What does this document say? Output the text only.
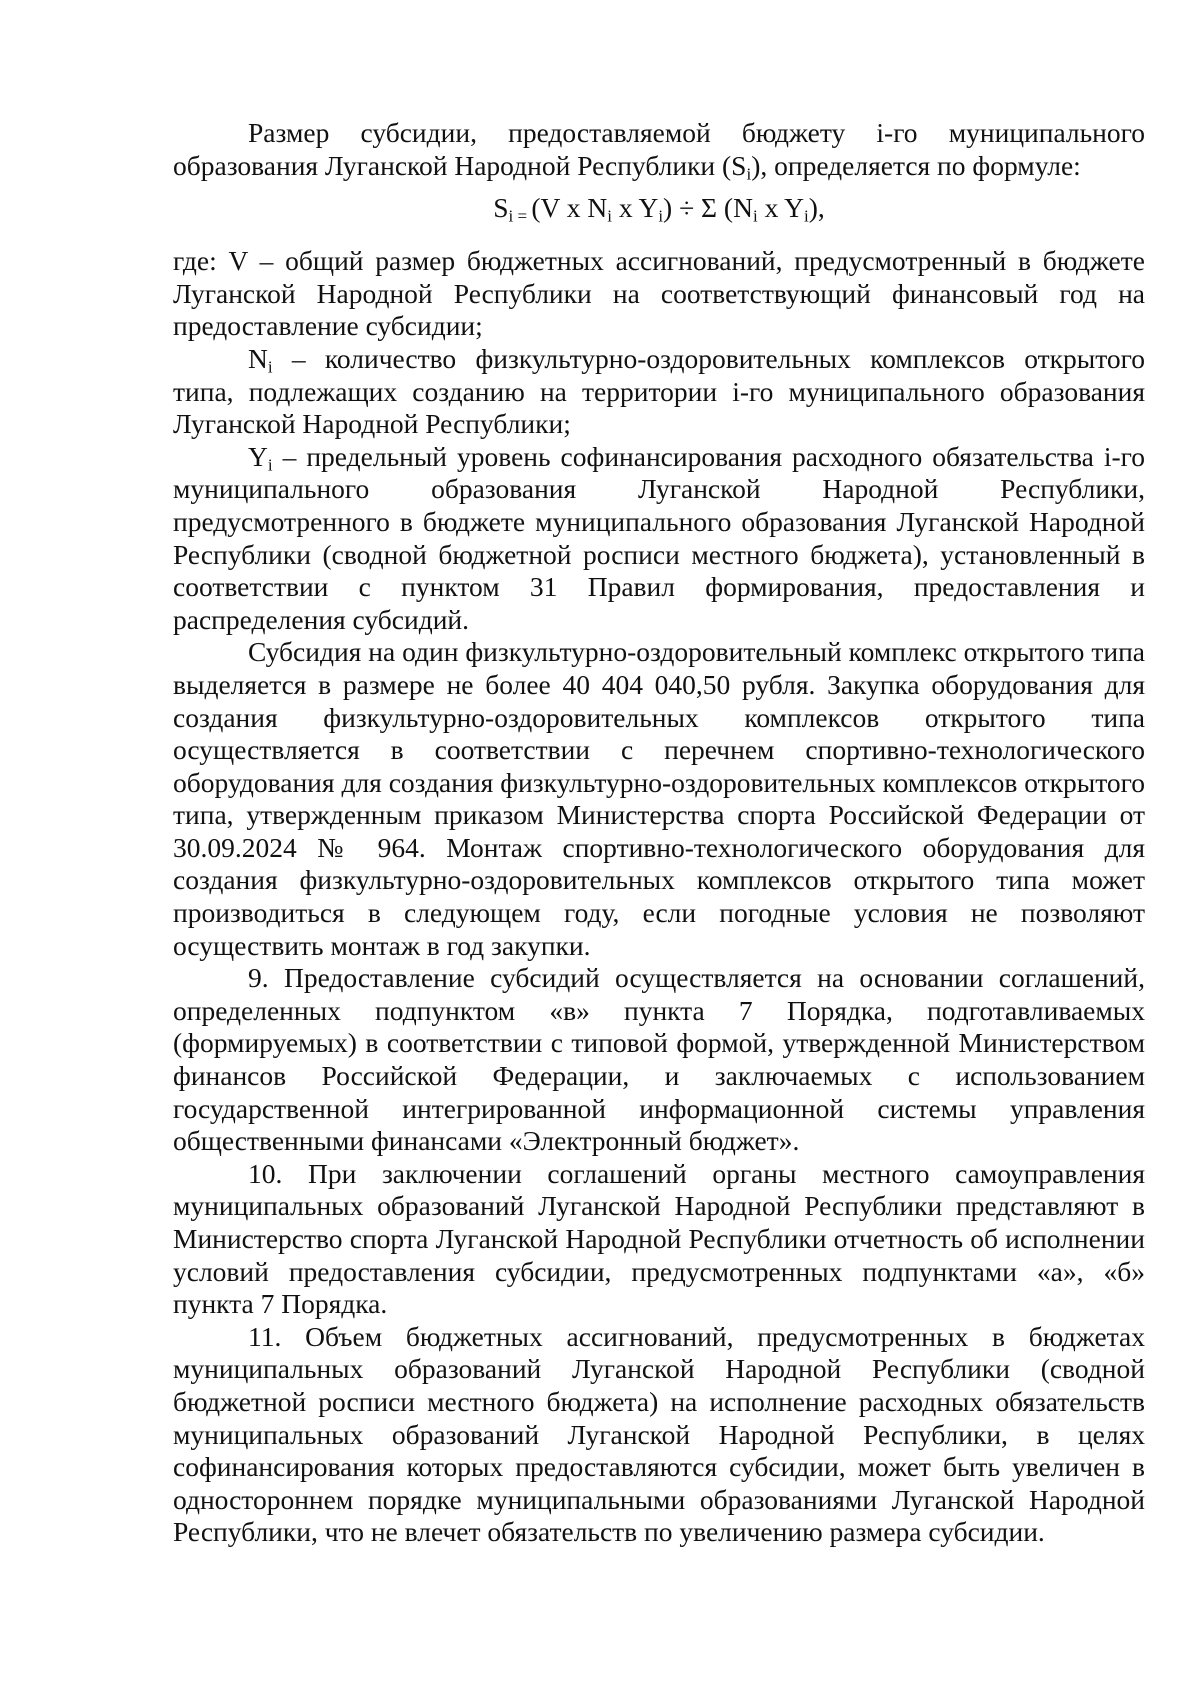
Размер субсидии, предоставляемой бюджету i-го муниципального образования Луганской Народной Республики $(S_i)$, определяется по формуле:

$S_i$ $_=$ (V x $N_i$ x $Y_i) \div \Sigma$ ($N_i$ x $Y_i$),

где: V – общий размер бюджетных ассигнований, предусмотренный в бюджете Луганской Народной Республики на соответствующий финансовый год на предоставление субсидии;

$N_i$ – количество физкультурно-оздоровительных комплексов открытого типа, подлежащих созданию на территории i-го муниципального образования Луганской Народной Республики;

$Y_i$ – предельный уровень софинансирования расходного обязательства i-го муниципального образования Луганской Народной Республики, предусмотренного в бюджете муниципального образования Луганской Народной Республики (сводной бюджетной росписи местного бюджета), установленный в соответствии с пунктом 31 Правил формирования, предоставления и распределения субсидий.

Субсидия на один физкультурно-оздоровительный комплекс открытого типа выделяется в размере не более 40 404 040,50 рубля. Закупка оборудования для создания физкультурно-оздоровительных комплексов открытого типа осуществляется в соответствии с перечнем спортивно-технологического оборудования для создания физкультурно-оздоровительных комплексов открытого типа, утвержденным приказом Министерства спорта Российской Федерации от 30.09.2024 № 964. Монтаж спортивно-технологического оборудования для создания физкультурно-оздоровительных комплексов открытого типа может производиться в следующем году, если погодные условия не позволяют осуществить монтаж в год закупки.

9. Предоставление субсидий осуществляется на основании соглашений, определенных подпунктом «в» пункта 7 Порядка, подготавливаемых (формируемых) в соответствии с типовой формой, утвержденной Министерством финансов Российской Федерации, и заключаемых с использованием государственной интегрированной информационной системы управления общественными финансами «Электронный бюджет».

10. При заключении соглашений органы местного самоуправления муниципальных образований Луганской Народной Республики представляют в Министерство спорта Луганской Народной Республики отчетность об исполнении условий предоставления субсидии, предусмотренных подпунктами «а», «б» пункта 7 Порядка.

11. Объем бюджетных ассигнований, предусмотренных в бюджетах муниципальных образований Луганской Народной Республики (сводной бюджетной росписи местного бюджета) на исполнение расходных обязательств муниципальных образований Луганской Народной Республики, в целях софинансирования которых предоставляются субсидии, может быть увеличен в одностороннем порядке муниципальными образованиями Луганской Народной Республики, что не влечет обязательств по увеличению размера субсидии.
